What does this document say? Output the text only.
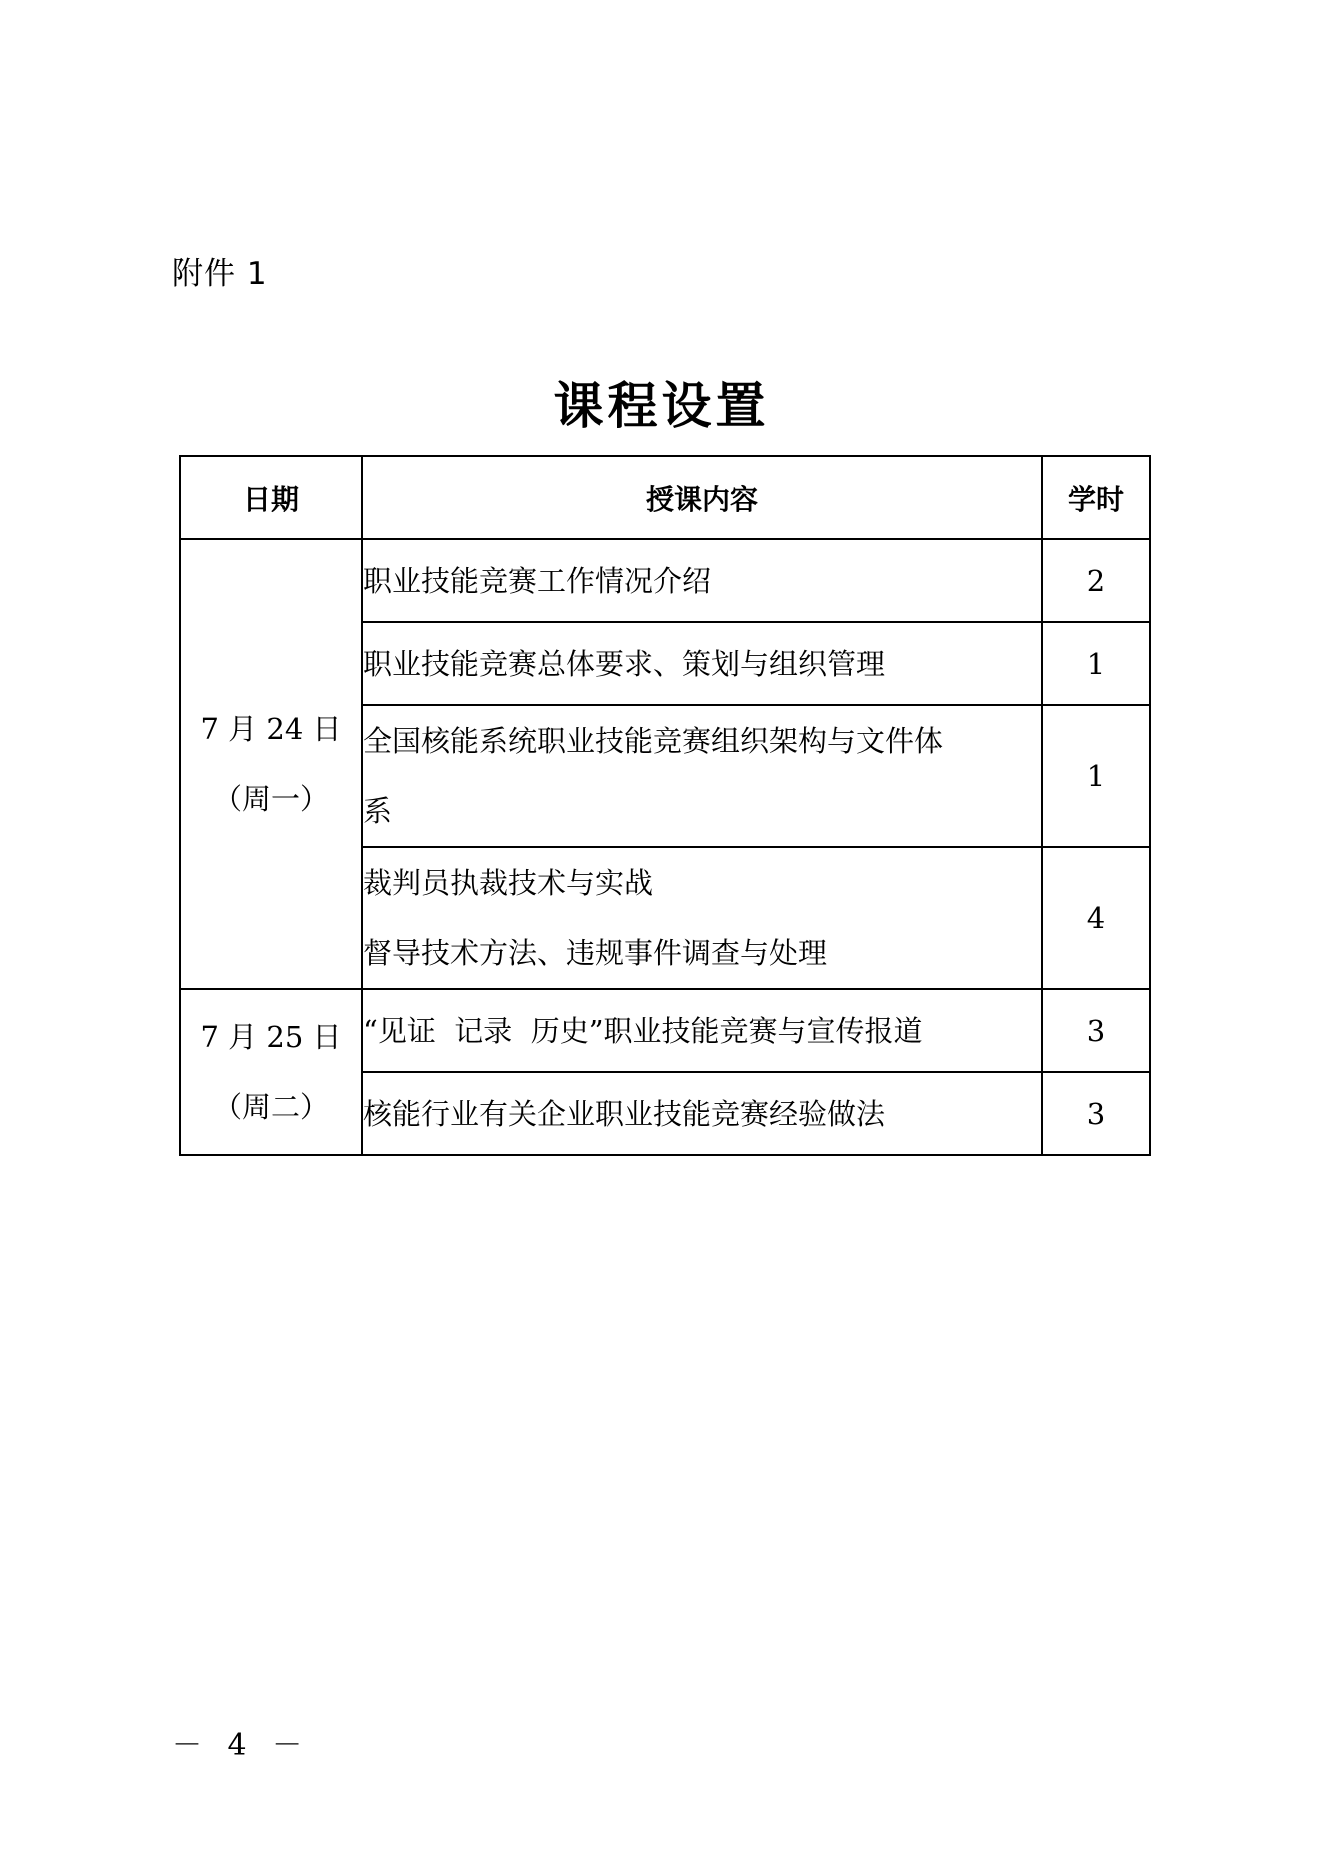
附件 1
课程设置
日期	授课内容	学时

7 月 24 日
（周一）	职业技能竞赛工作情况介绍	2

	职业技能竞赛总体要求、策划与组织管理	1

	全国核能系统职业技能竞赛组织架构与文件体
系	1

	裁判员执裁技术与实战
督导技术方法、违规事件调查与处理	4

7 月 25 日
（周二）	“见证  记录  历史”职业技能竞赛与宣传报道	3

	核能行业有关企业职业技能竞赛经验做法	3
－ 4 －
